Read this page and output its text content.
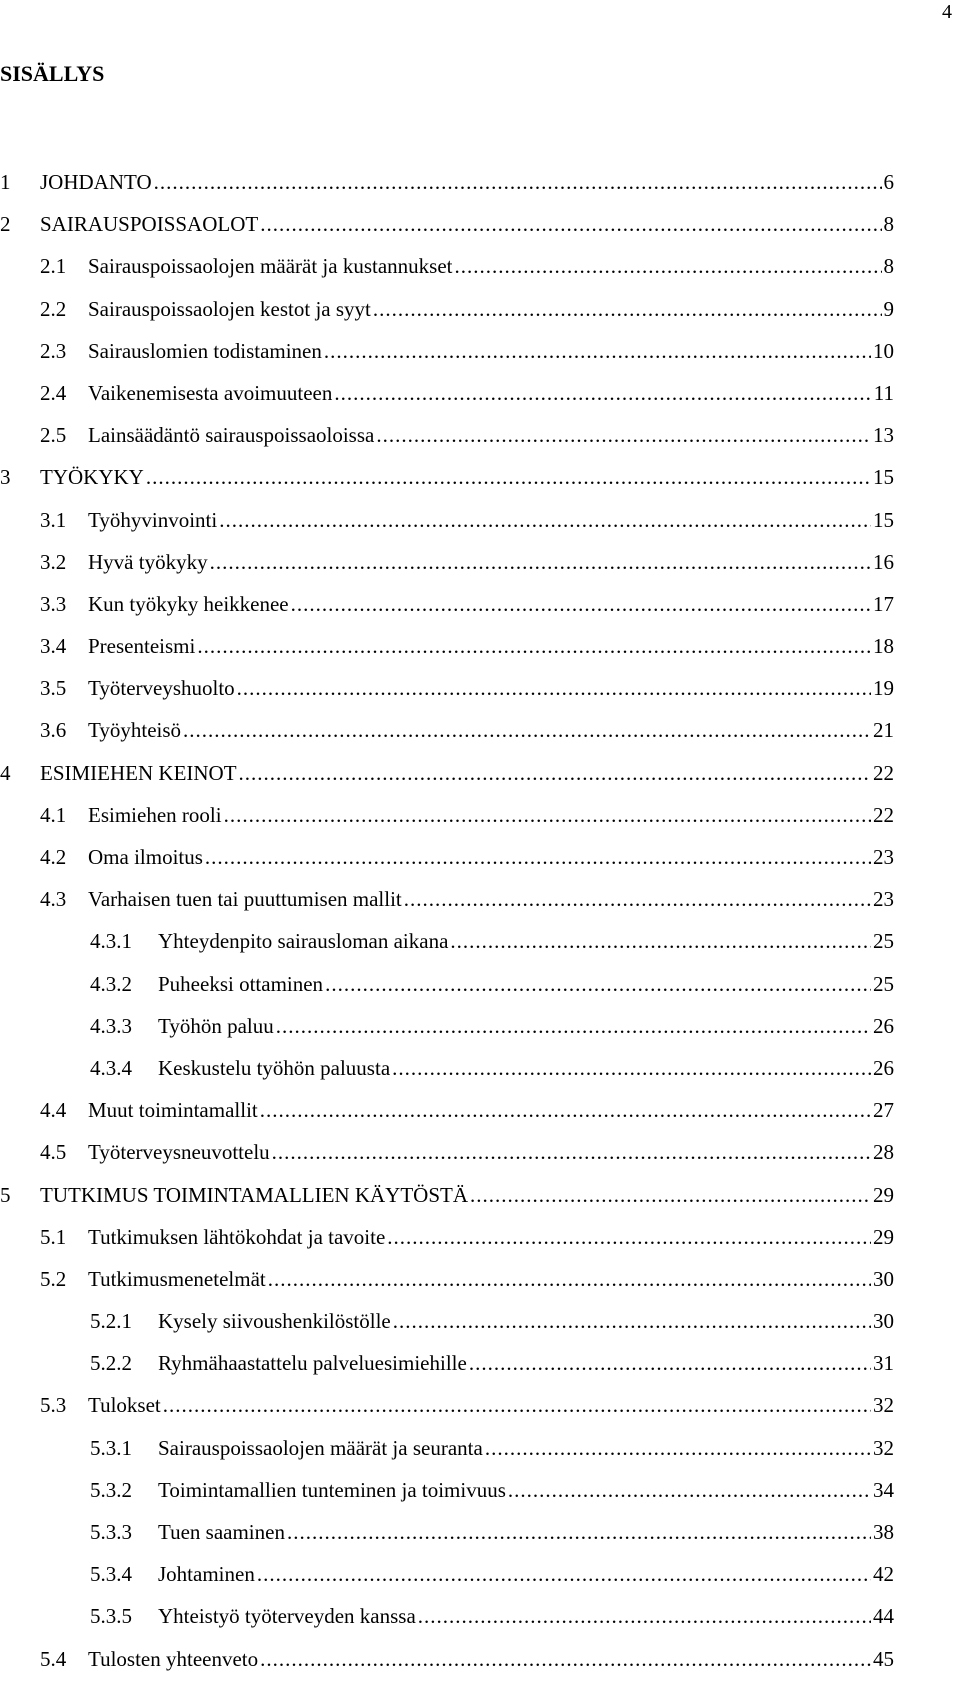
4
SISÄLLYS
1	JOHDANTO .....	6
2	SAIRAUSPOISSAOLOT .....	8
2.1	Sairauspoissaolojen määrät ja kustannukset .....	8
2.2	Sairauspoissaolojen kestot ja syyt .....	9
2.3	Sairauslomien todistaminen .....	10
2.4	Vaikenemisesta avoimuuteen .....	11
2.5	Lainsäädäntö sairauspoissaoloissa .....	13
3	TYÖKYKY .....	15
3.1	Työhyvinvointi .....	15
3.2	Hyvä työkyky .....	16
3.3	Kun työkyky heikkenee .....	17
3.4	Presenteismi .....	18
3.5	Työterveyshuolto .....	19
3.6	Työyhteisö .....	21
4	ESIMIEHEN KEINOT .....	22
4.1	Esimiehen rooli .....	22
4.2	Oma ilmoitus .....	23
4.3	Varhaisen tuen tai puuttumisen mallit .....	23
4.3.1	Yhteydenpito sairausloman aikana .....	25
4.3.2	Puheeksi ottaminen .....	25
4.3.3	Työhön paluu .....	26
4.3.4	Keskustelu työhön paluusta .....	26
4.4	Muut toimintamallit .....	27
4.5	Työterveysneuvottelu .....	28
5	TUTKIMUS TOIMINTAMALLIEN KÄYTÖSTÄ .....	29
5.1	Tutkimuksen lähtökohdat ja tavoite .....	29
5.2	Tutkimusmenetelmät .....	30
5.2.1	Kysely siivoushenkilöstölle .....	30
5.2.2	Ryhmähaastattelu palveluesimiehille .....	31
5.3	Tulokset .....	32
5.3.1	Sairauspoissaolojen määrät ja seuranta .....	32
5.3.2	Toimintamallien tunteminen ja toimivuus .....	34
5.3.3	Tuen saaminen .....	38
5.3.4	Johtaminen .....	42
5.3.5	Yhteistyö työterveyden kanssa .....	44
5.4	Tulosten yhteenveto .....	45
